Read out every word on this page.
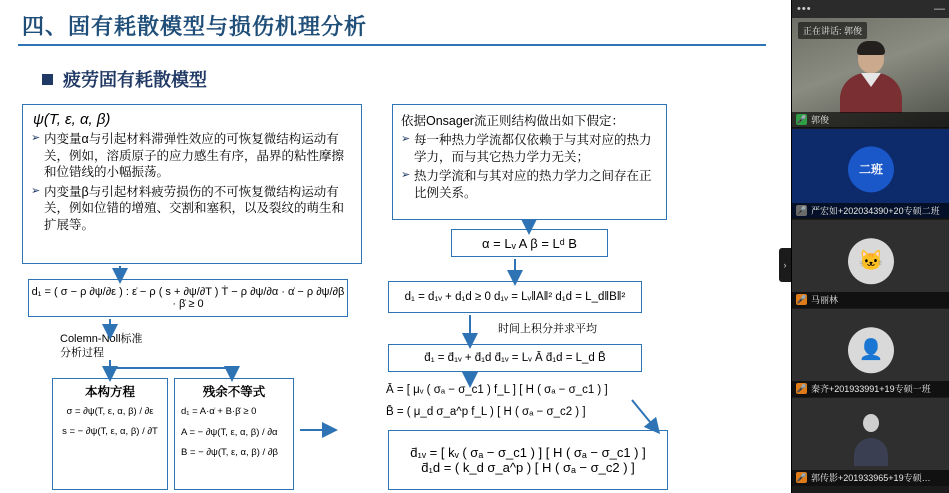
四、固有耗散模型与损伤机理分析
疲劳固有耗散模型
ψ(T, ε, α, β)
➢ 内变量α与引起材料滞弹性效应的可恢复微结构运动有关，例如，溶质原子的应力感生有序，晶界的粘性摩擦和位错线的小幅振荡。
➢ 内变量β与引起材料疲劳损伤的不可恢复微结构运动有关，例如位错的增殖、交割和塞积，以及裂纹的萌生和扩展等。
依据Onsager流正则结构做出如下假定：
➢ 每一种热力学流都仅依赖于与其对应的热力学力，而与其它热力学力无关；
➢ 热力学流和与其对应的热力学力之间存在正比例关系。
α = Lᵥ A β = Lᵈ B
d₁ = ( σ − ρ ∂ψ/∂ε ) : ε̇ − ρ ( s + ∂ψ/∂T ) Ṫ − ρ ∂ψ/∂α · α̇ − ρ ∂ψ/∂β · β̇ ≥ 0
d₁ = d₁ᵥ + d₁d ≥ 0 d₁ᵥ = Lᵥ‖A‖² d₁d = L_d‖B‖²
d̄₁ = d̄₁ᵥ + d̄₁d d̄₁ᵥ = Lᵥ Ā d̄₁d = L_d B̄
Ā = [ μᵥ ( σₐ − σ_c1 ) f_L ] [ H ( σₐ − σ_c1 ) ]
B̄ = ( μ_d σ_a^p f_L ) [ H ( σₐ − σ_c2 ) ]
d̄₁ᵥ = [ kᵥ ( σₐ − σ_c1 ) ] [ H ( σₐ − σ_c1 ) ]
d̄₁d = ( k_d σ_a^p ) [ H ( σₐ − σ_c2 ) ]
Colemn-Noll标准分析过程
时间上积分并求平均
本构方程
σ = ∂ψ(T, ε, α, β) / ∂ε
s = − ∂ψ(T, ε, α, β) / ∂T
残余不等式
d₁ = A·α̇ + B·β̇ ≥ 0
A = − ∂ψ(T, ε, α, β) / ∂α
B = − ∂ψ(T, ε, α, β) / ∂β
›
•••	—
正在讲话: 郭俊
🎤 郭俊
二班
🎤 严宏如+202034390+20专硕二班
🐱
🎤 马丽林
👤
🎤 秦齐+201933991+19专硕一班
🎤 郭传影+201933965+19专硕…
